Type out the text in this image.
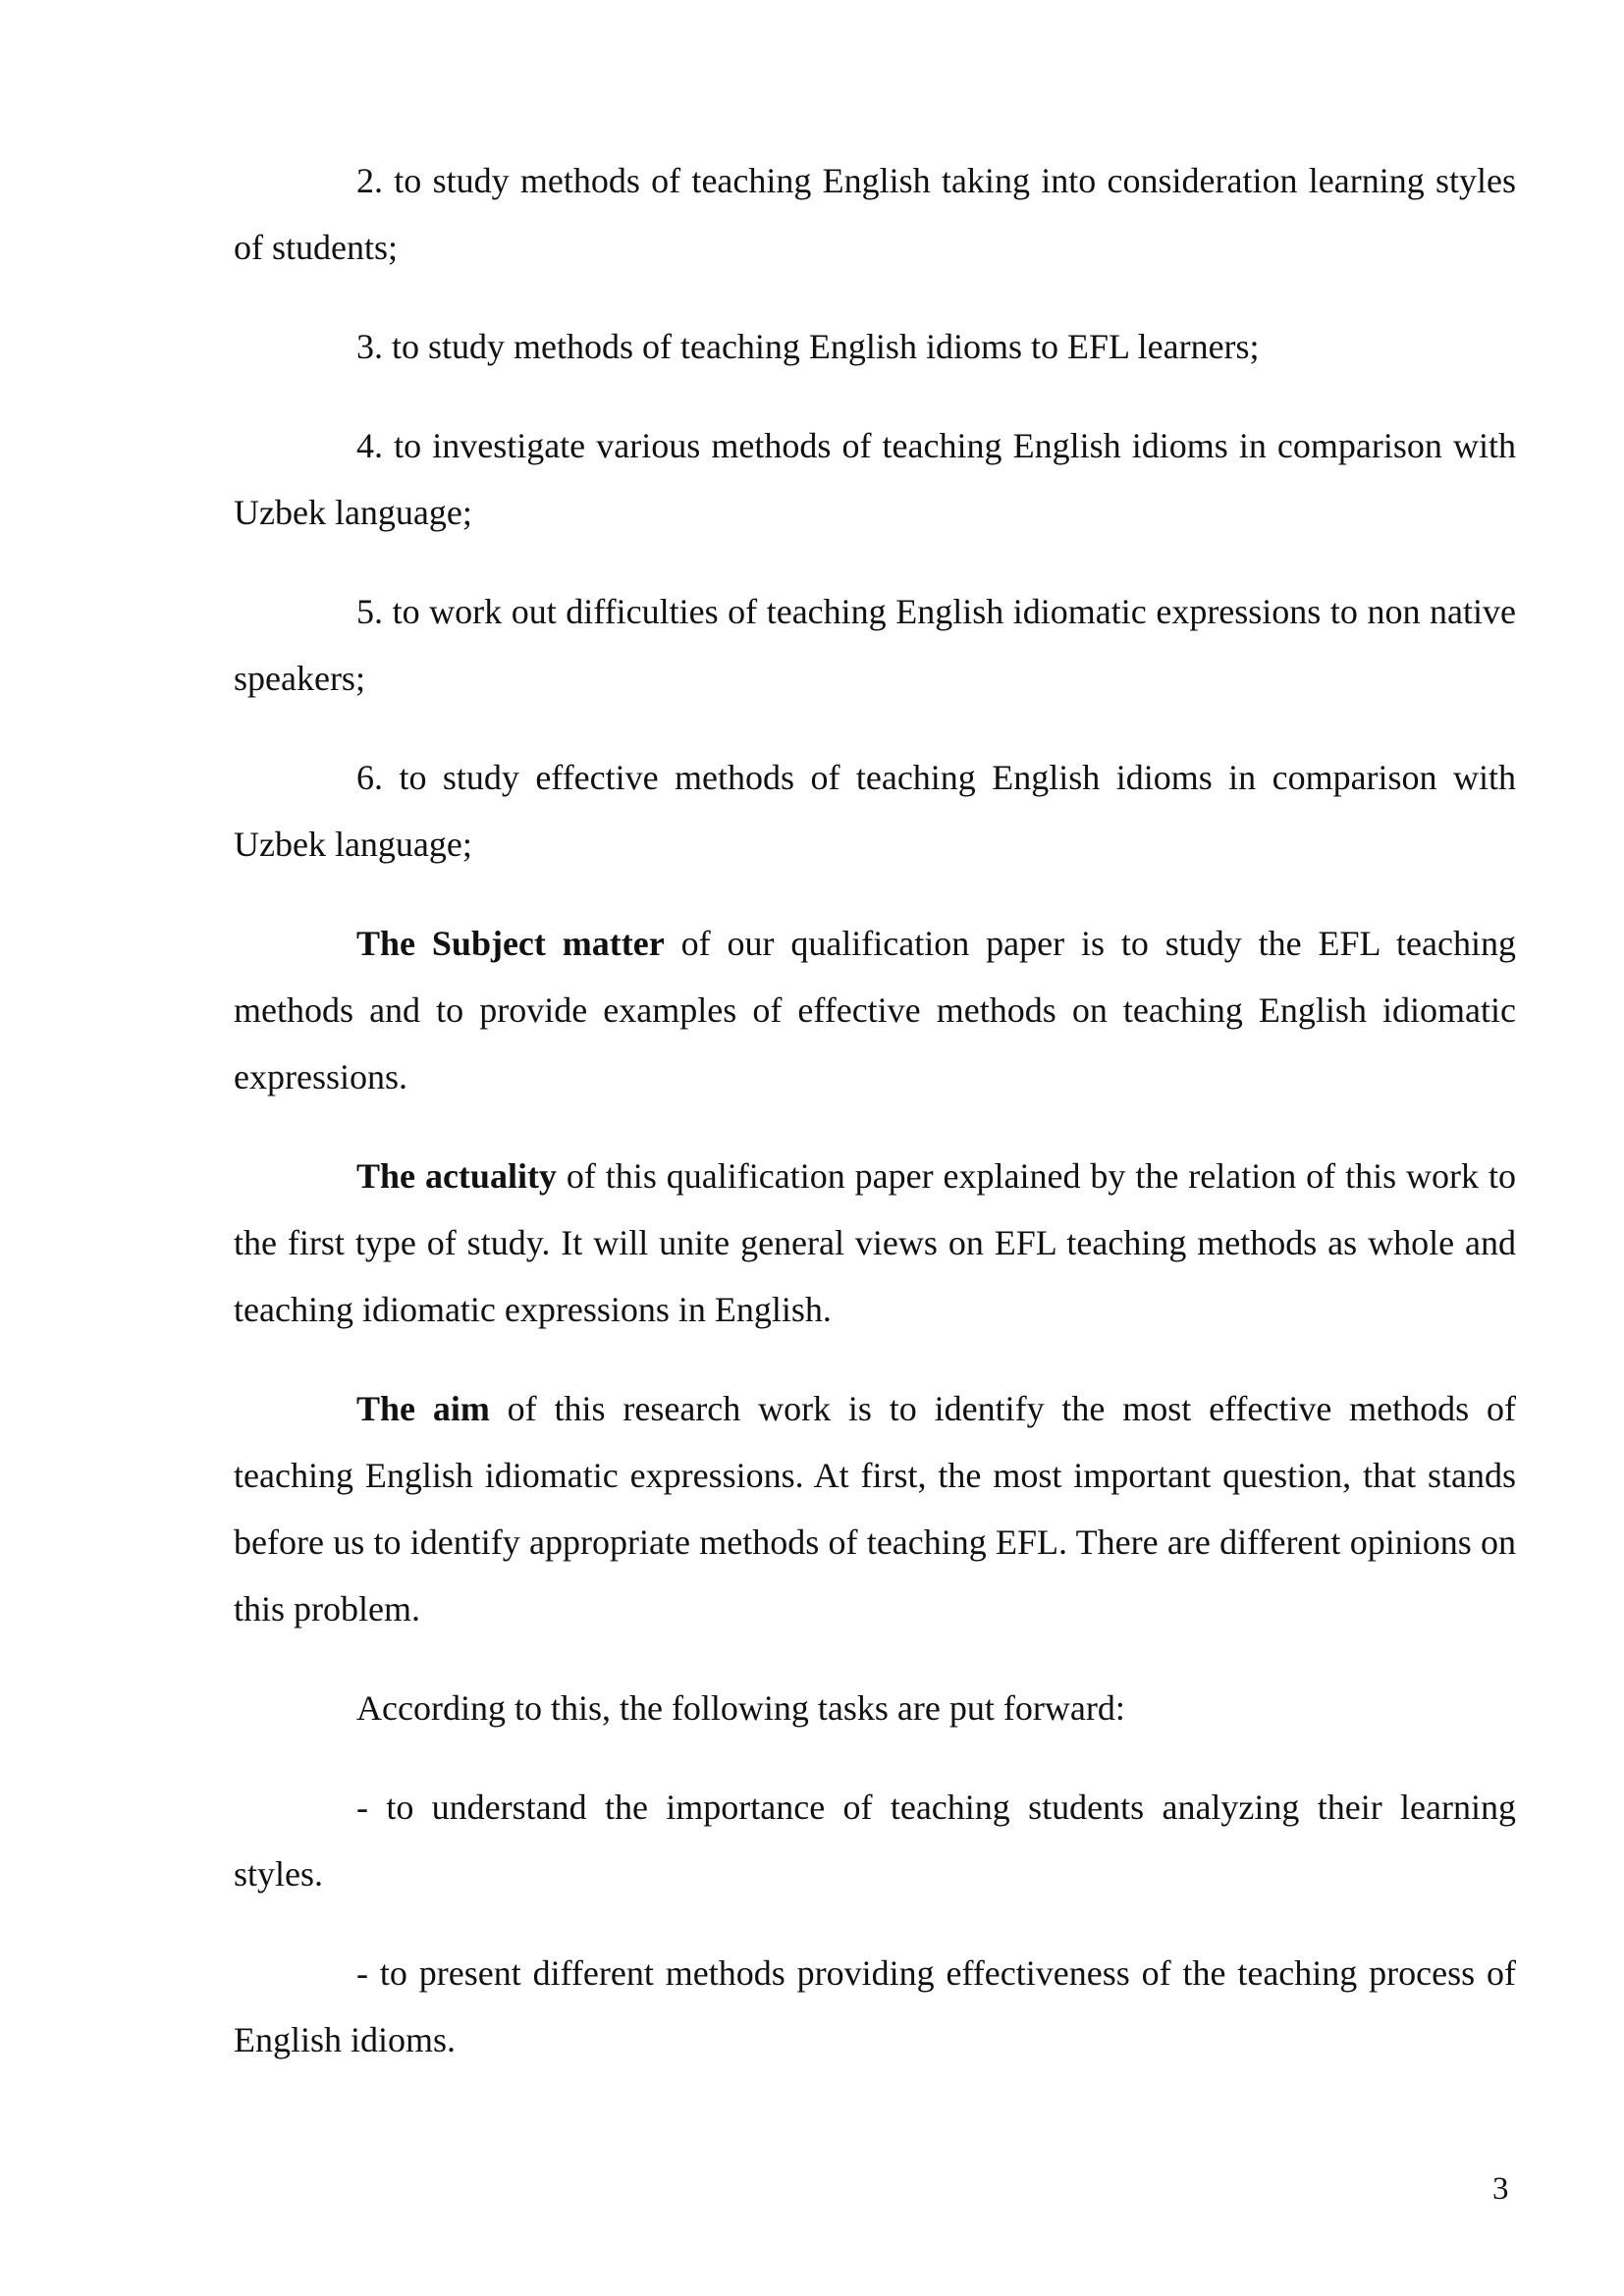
2. to study methods of teaching English taking into consideration learning styles of students;

3. to study methods of teaching English idioms to EFL learners;

4. to investigate various methods of teaching English idioms in comparison with Uzbek language;

5. to work out difficulties of teaching English idiomatic expressions to non native speakers;

6. to study effective methods of teaching English idioms in comparison with Uzbek language;

The Subject matter of our qualification paper is to study the EFL teaching methods and to provide examples of effective methods on teaching English idiomatic expressions.

The actuality of this qualification paper explained by the relation of this work to the first type of study. It will unite general views on EFL teaching methods as whole and teaching idiomatic expressions in English.

The aim of this research work is to identify the most effective methods of teaching English idiomatic expressions. At first, the most important question, that stands before us to identify appropriate methods of teaching EFL. There are different opinions on this problem.

According to this, the following tasks are put forward:

- to understand the importance of teaching students analyzing their learning styles.

- to present different methods providing effectiveness of the teaching process of English idioms.

3
